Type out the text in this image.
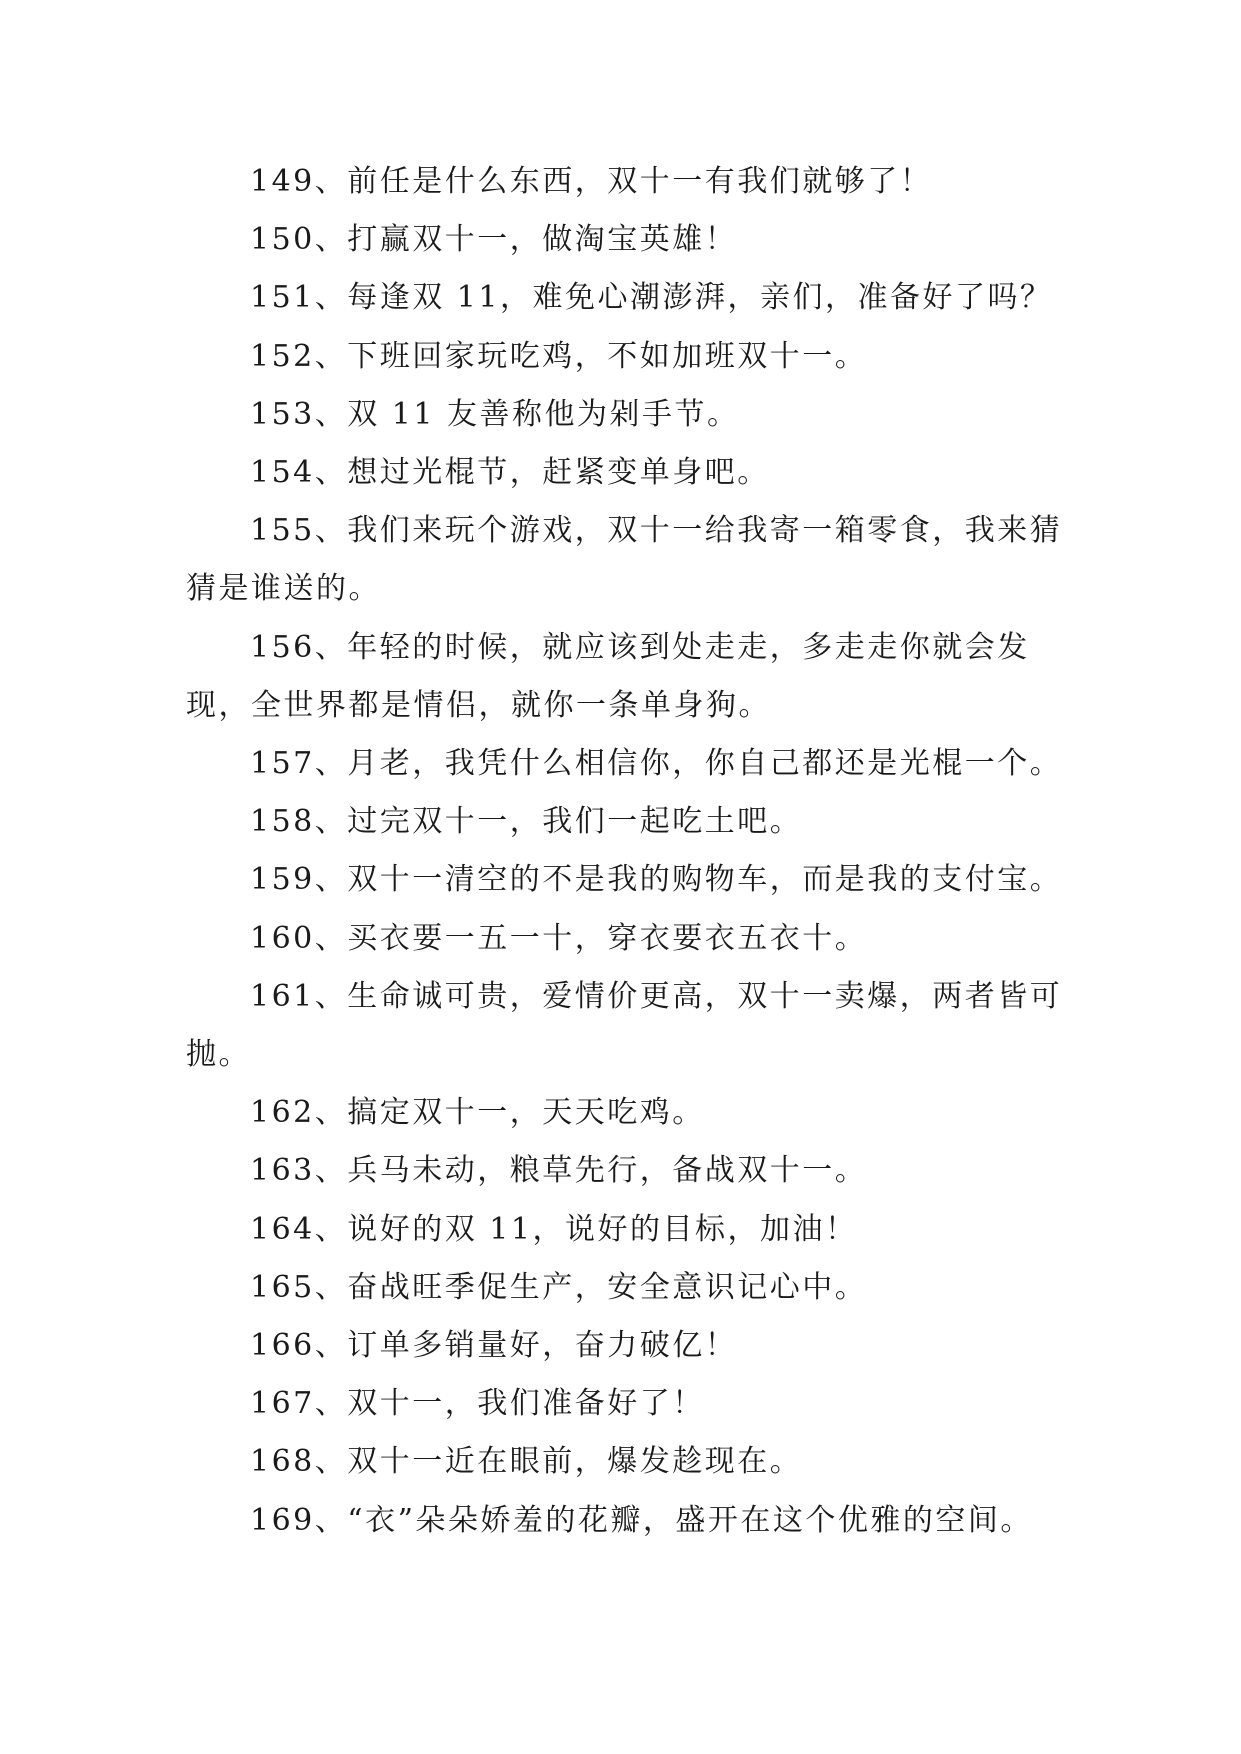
149、前任是什么东西，双十一有我们就够了！

150、打赢双十一，做淘宝英雄！

151、每逢双 11，难免心潮澎湃，亲们，准备好了吗？

152、下班回家玩吃鸡，不如加班双十一。

153、双 11 友善称他为剁手节。

154、想过光棍节，赶紧变单身吧。

155、我们来玩个游戏，双十一给我寄一箱零食，我来猜猜是谁送的。

156、年轻的时候，就应该到处走走，多走走你就会发现，全世界都是情侣，就你一条单身狗。

157、月老，我凭什么相信你，你自己都还是光棍一个。

158、过完双十一，我们一起吃土吧。

159、双十一清空的不是我的购物车，而是我的支付宝。

160、买衣要一五一十，穿衣要衣五衣十。

161、生命诚可贵，爱情价更高，双十一卖爆，两者皆可抛。

162、搞定双十一，天天吃鸡。

163、兵马未动，粮草先行，备战双十一。

164、说好的双 11，说好的目标，加油！

165、奋战旺季促生产，安全意识记心中。

166、订单多销量好，奋力破亿！

167、双十一，我们准备好了！

168、双十一近在眼前，爆发趁现在。

169、“衣”朵朵娇羞的花瓣，盛开在这个优雅的空间。
